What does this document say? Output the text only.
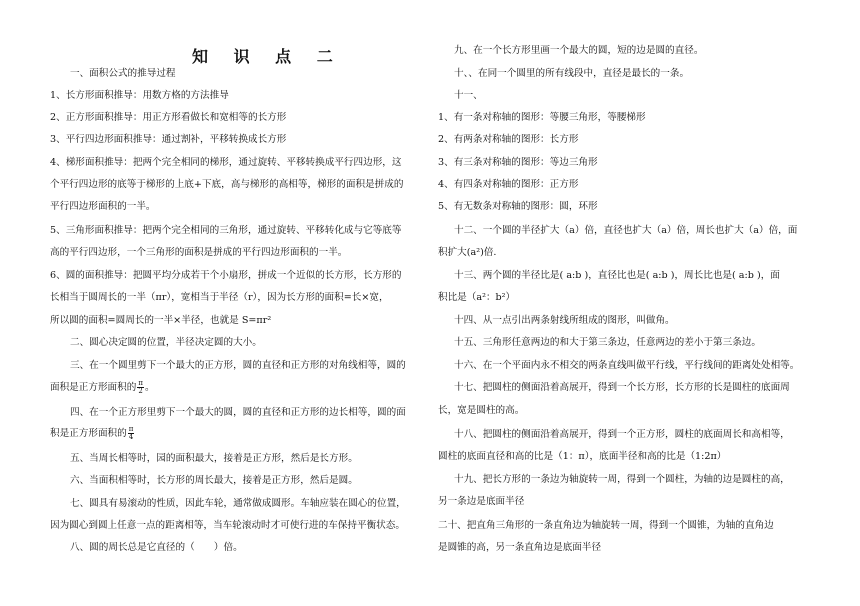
知 识 点 二
一、面积公式的推导过程
1、长方形面积推导：用数方格的方法推导
2、正方形面积推导：用正方形看做长和宽相等的长方形
3、平行四边形面积推导：通过割补，平移转换成长方形
4、梯形面积推导：把两个完全相同的梯形，通过旋转、平移转换成平行四边形，这
个平行四边形的底等于梯形的上底+下底，高与梯形的高相等，梯形的面积是拼成的
平行四边形面积的一半。
5、三角形面积推导：把两个完全相同的三角形，通过旋转、平移转化成与它等底等
高的平行四边形，一个三角形的面积是拼成的平行四边形面积的一半。
6、圆的面积推导：把圆平均分成若干个小扇形，拼成一个近似的长方形，长方形的
长相当于圆周长的一半（πr），宽相当于半径（r），因为长方形的面积=长×宽，
所以圆的面积=圆周长的一半×半径，也就是 S=πr²
二、圆心决定圆的位置，半径决定圆的大小。
三、在一个圆里剪下一个最大的正方形，圆的直径和正方形的对角线相等，圆的
面积是正方形面积的 $\frac{\pi}{2}$ 。
四、在一个正方形里剪下一个最大的圆，圆的直径和正方形的边长相等，圆的面
积是正方形面积的 $\frac{\pi}{4}$
五、当周长相等时，园的面积最大，接着是正方形，然后是长方形。
六、当面积相等时，长方形的周长最大，接着是正方形，然后是圆。
七、圆具有易滚动的性质，因此车轮，通常做成圆形。车轴应装在圆心的位置，
因为圆心到圆上任意一点的距离相等，当车轮滚动时才可使行进的车保持平衡状态。
八、圆的周长总是它直径的（　　）倍。
九、在一个长方形里画一个最大的圆，短的边是圆的直径。
十、、在同一个圆里的所有线段中，直径是最长的一条。
十一、
1、有一条对称轴的图形：等腰三角形，等腰梯形
2、有两条对称轴的图形：长方形
3、有三条对称轴的图形：等边三角形
4、有四条对称轴的图形：正方形
5、有无数条对称轴的图形：圆，环形
十二、一个圆的半径扩大（a）倍，直径也扩大（a）倍，周长也扩大（a）倍，面
积扩大(a²)倍.
十三、两个圆的半径比是( a:b )，直径比也是( a:b )，周长比也是( a:b )，面
积比是（a²：b²）
十四、从一点引出两条射线所组成的图形，叫做角。
十五、三角形任意两边的和大于第三条边，任意两边的差小于第三条边。
十六、在一个平面内永不相交的两条直线叫做平行线，平行线间的距离处处相等。
十七、把圆柱的侧面沿着高展开，得到一个长方形，长方形的长是圆柱的底面周
长，宽是圆柱的高。
十八、把圆柱的侧面沿着高展开，得到一个正方形，圆柱的底面周长和高相等，
圆柱的底面直径和高的比是（1：π），底面半径和高的比是（1:2π）
十九、把长方形的一条边为轴旋转一周，得到一个圆柱，为轴的边是圆柱的高，
另一条边是底面半径
二十、把直角三角形的一条直角边为轴旋转一周，得到一个圆锥，为轴的直角边
是圆锥的高，另一条直角边是底面半径
